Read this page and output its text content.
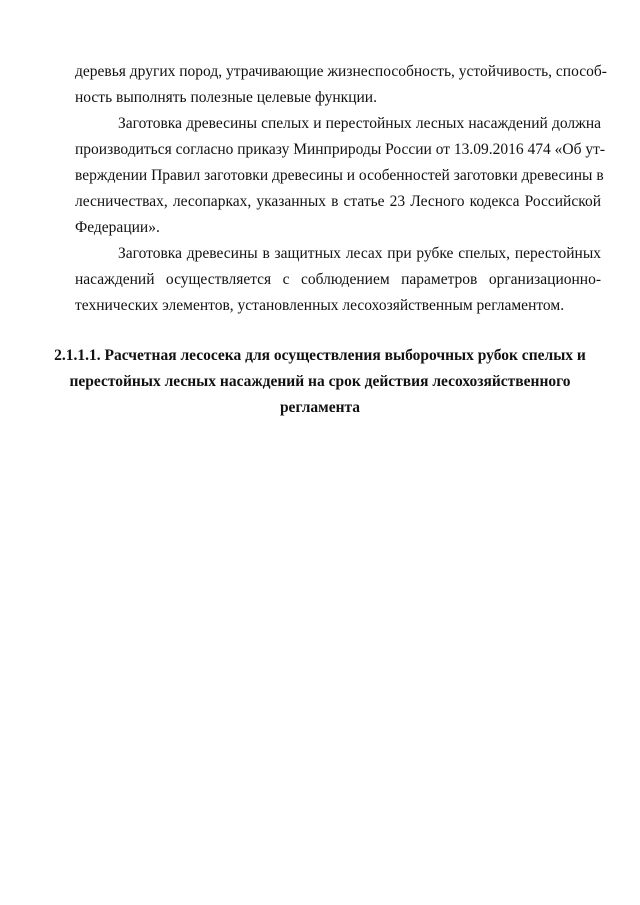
деревья других пород, утрачивающие жизнеспособность, устойчивость, способ-
ность выполнять полезные целевые функции.
Заготовка древесины спелых и перестойных лесных насаждений должна
производиться согласно приказу Минприроды России от 13.09.2016 474 «Об ут-
верждении Правил заготовки древесины и особенностей заготовки древесины в
лесничествах, лесопарках, указанных в статье 23 Лесного кодекса Российской
Федерации».
Заготовка древесины в защитных лесах при рубке спелых, перестойных
насаждений осуществляется с соблюдением параметров организационно-
технических элементов, установленных лесохозяйственным регламентом.
2.1.1.1. Расчетная лесосека для осуществления выборочных рубок спелых и
перестойных лесных насаждений на срок действия лесохозяйственного
регламента
